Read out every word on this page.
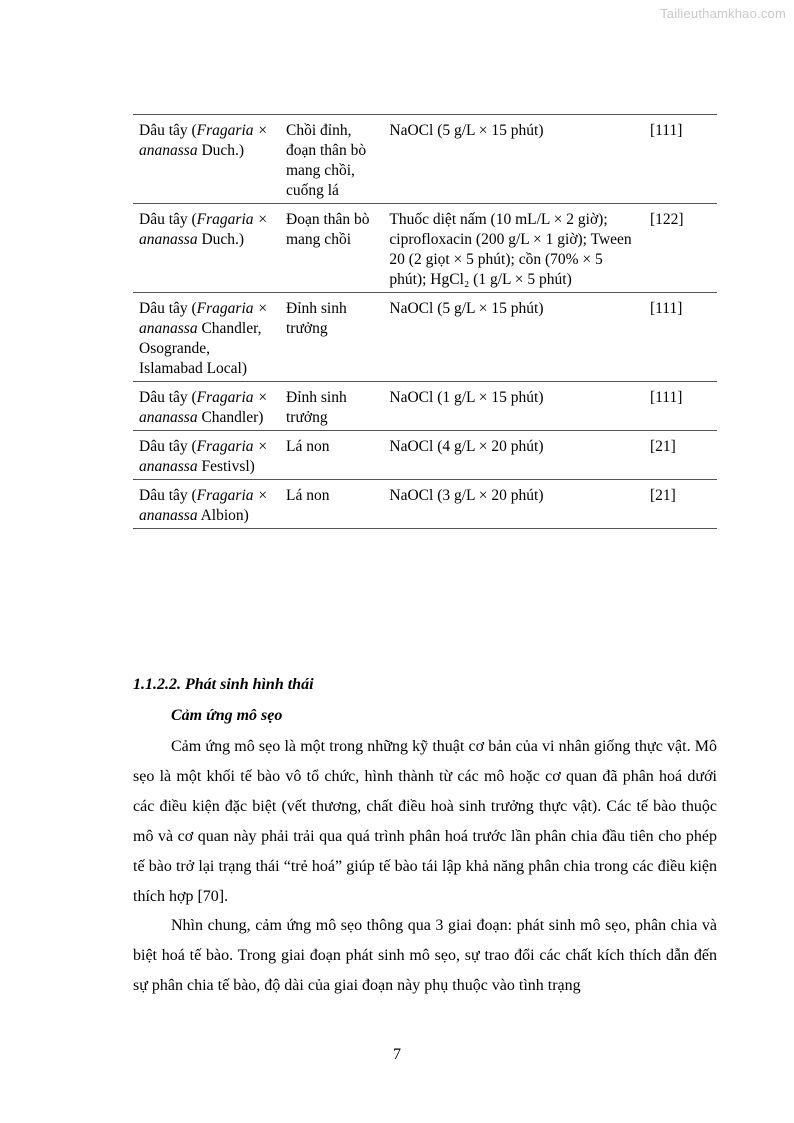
Tailieuthamkhao.com
Dâu tây (Fragaria × ananassa Duch.)	Chồi đỉnh, đoạn thân bò mang chồi, cuống lá	NaOCl (5 g/L × 15 phút)	[111]
Dâu tây (Fragaria × ananassa Duch.)	Đoạn thân bò mang chồi	Thuốc diệt nấm (10 mL/L × 2 giờ); ciprofloxacin (200 g/L × 1 giờ); Tween 20 (2 giọt × 5 phút); cồn (70% × 5 phút); HgCl₂ (1 g/L × 5 phút)	[122]
Dâu tây (Fragaria × ananassa Chandler, Osogrande, Islamabad Local)	Đỉnh sinh trưởng	NaOCl (5 g/L × 15 phút)	[111]
Dâu tây (Fragaria × ananassa Chandler)	Đỉnh sinh trưởng	NaOCl (1 g/L × 15 phút)	[111]
Dâu tây (Fragaria × ananassa Festivsl)	Lá non	NaOCl (4 g/L × 20 phút)	[21]
Dâu tây (Fragaria × ananassa Albion)	Lá non	NaOCl (3 g/L × 20 phút)	[21]
1.1.2.2. Phát sinh hình thái
Cảm ứng mô sẹo

Cảm ứng mô sẹo là một trong những kỹ thuật cơ bản của vi nhân giống thực vật. Mô sẹo là một khối tế bào vô tổ chức, hình thành từ các mô hoặc cơ quan đã phân hoá dưới các điều kiện đặc biệt (vết thương, chất điều hoà sinh trưởng thực vật). Các tế bào thuộc mô và cơ quan này phải trải qua quá trình phân hoá trước lần phân chia đầu tiên cho phép tế bào trở lại trạng thái “trẻ hoá” giúp tế bào tái lập khả năng phân chia trong các điều kiện thích hợp [70].

Nhìn chung, cảm ứng mô sẹo thông qua 3 giai đoạn: phát sinh mô sẹo, phân chia và biệt hoá tế bào. Trong giai đoạn phát sinh mô sẹo, sự trao đổi các chất kích thích dẫn đến sự phân chia tế bào, độ dài của giai đoạn này phụ thuộc vào tình trạng

7
